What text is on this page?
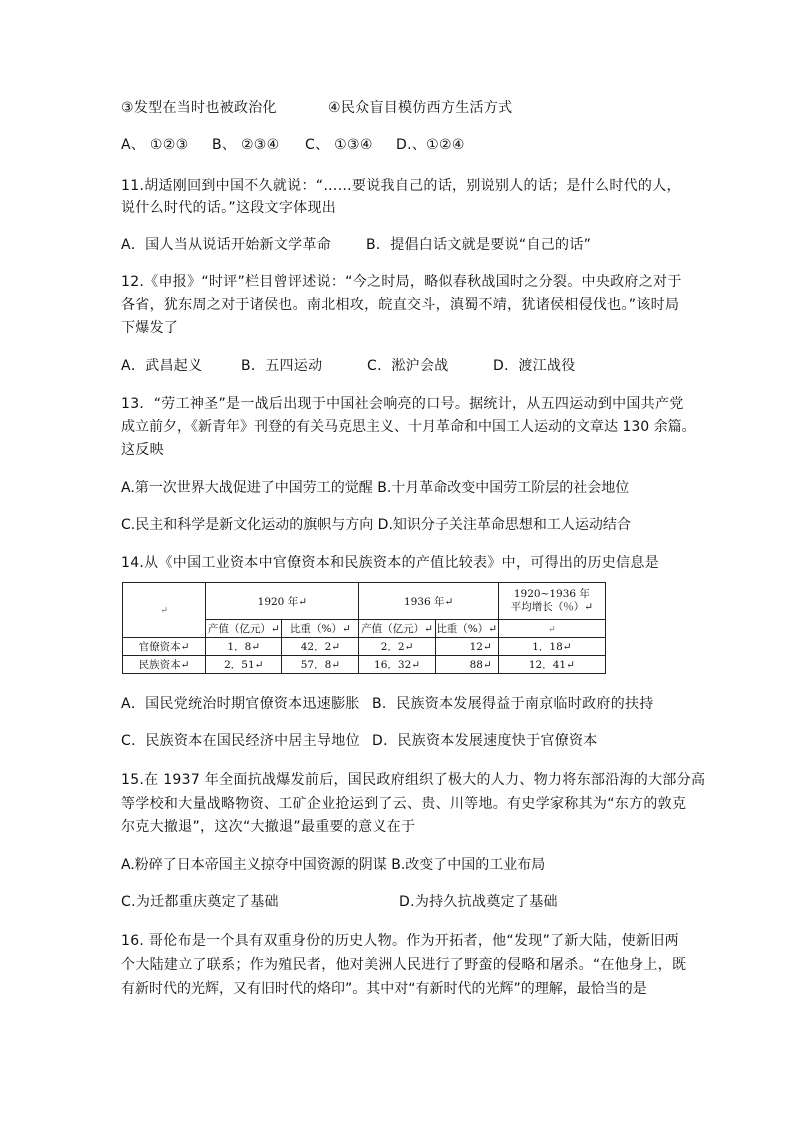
③发型在当时也被政治化	④民众盲目模仿西方生活方式
A、 ①②③ B、 ②③④ C、 ①③④ D.、①②④
11.胡适刚回到中国不久就说：“……要说我自己的话，别说别人的话；是什么时代的人，
说什么时代的话。”这段文字体现出
A．国人当从说话开始新文学革命 B．提倡白话文就是要说“自己的话”
12.《申报》“时评”栏目曾评述说：“今之时局，略似春秋战国时之分裂。中央政府之对于
各省，犹东周之对于诸侯也。南北相攻，皖直交斗，滇蜀不靖，犹诸侯相侵伐也。”该时局
下爆发了
A．武昌起义	B．五四运动	C．淞沪会战	D．渡江战役
13．“劳工神圣”是一战后出现于中国社会响亮的口号。据统计，从五四运动到中国共产党
成立前夕，《新青年》刊登的有关马克思主义、十月革命和中国工人运动的文章达 130 余篇。
这反映
A.第一次世界大战促进了中国劳工的觉醒 B.十月革命改变中国劳工阶层的社会地位
C.民主和科学是新文化运动的旗帜与方向 D.知识分子关注革命思想和工人运动结合
14.从《中国工业资本中官僚资本和民族资本的产值比较表》中，可得出的历史信息是
↵	1920 年↵		1936 年↵		1920~1936 年
平均增长（％）↵

	产值（亿元）↵	比重（%）↵	产值（亿元）↵	比重（%）↵	↵
官僚资本↵	1．8↵	42．2↵	2．2↵	12↵	1．18↵
民族资本↵	2．51↵	57．8↵	16．32↵	88↵	12．41↵
A．国民党统治时期官僚资本迅速膨胀 B．民族资本发展得益于南京临时政府的扶持
C．民族资本在国民经济中居主导地位 D．民族资本发展速度快于官僚资本
15.在 1937 年全面抗战爆发前后，国民政府组织了极大的人力、物力将东部沿海的大部分高
等学校和大量战略物资、工矿企业抢运到了云、贵、川等地。有史学家称其为“东方的敦克
尔克大撤退”，这次“大撤退”最重要的意义在于
A.粉碎了日本帝国主义掠夺中国资源的阴谋 B.改变了中国的工业布局
C.为迁都重庆奠定了基础	D.为持久抗战奠定了基础
16. 哥伦布是一个具有双重身份的历史人物。作为开拓者，他“发现”了新大陆，使新旧两
个大陆建立了联系；作为殖民者，他对美洲人民进行了野蛮的侵略和屠杀。“在他身上，既
有新时代的光辉，又有旧时代的烙印”。其中对“有新时代的光辉”的理解，最恰当的是
